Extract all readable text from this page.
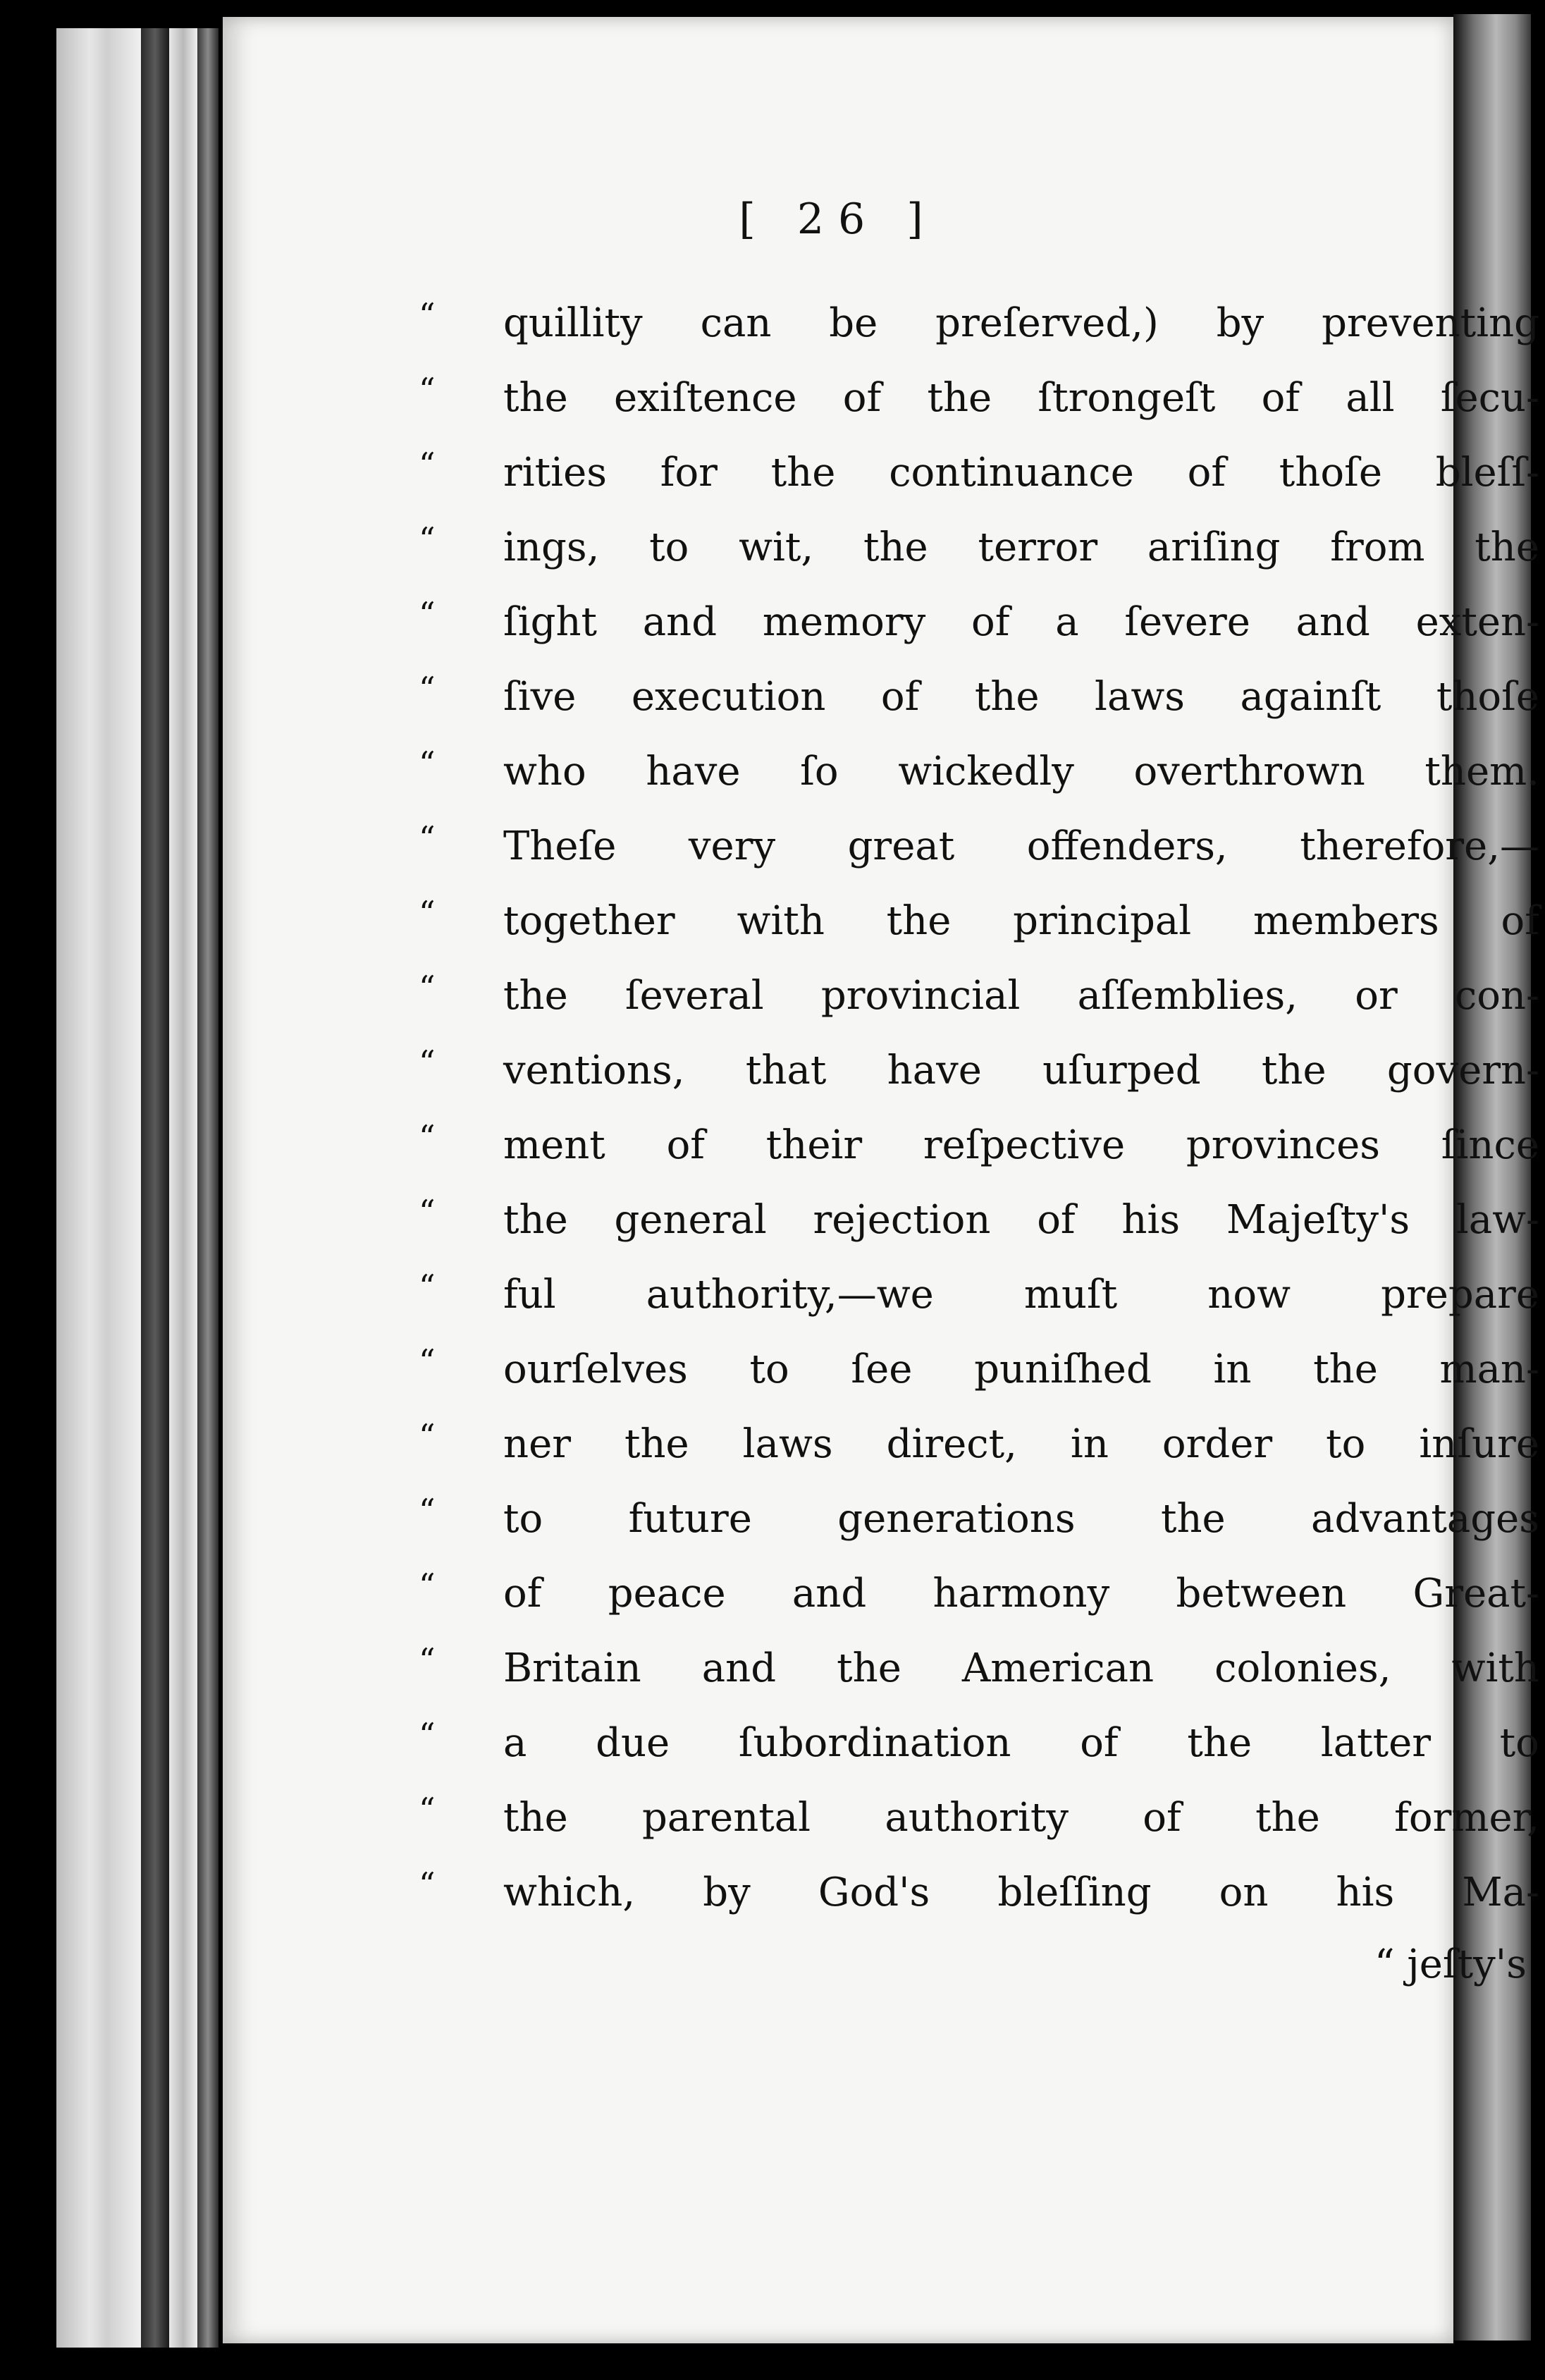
[ 26 ]
“ quillity can be preſerved,) by preventing
“ the exiſtence of the ſtrongeſt of all ſecu-
“ rities for the continuance of thoſe bleſſ-
“ ings, to wit, the terror ariſing from the
“ ſight and memory of a ſevere and exten-
“ ſive execution of the laws againſt thoſe
“ who have ſo wickedly overthrown them.
“ Theſe very great offenders, therefore,—
“ together with the principal members of
“ the ſeveral provincial aſſemblies, or con-
“ ventions, that have uſurped the govern-
“ ment of their reſpective provinces ſince
“ the general rejection of his Majeſty's law-
“ ful authority,—we muſt now prepare
“ ourſelves to ſee puniſhed in the man-
“ ner the laws direct, in order to inſure
“ to future generations the advantages
“ of peace and harmony between Great-
“ Britain and the American colonies, with
“ a due ſubordination of the latter to
“ the parental authority of the former,
“ which, by God's bleſſing on his Ma-
“ jeſty's
